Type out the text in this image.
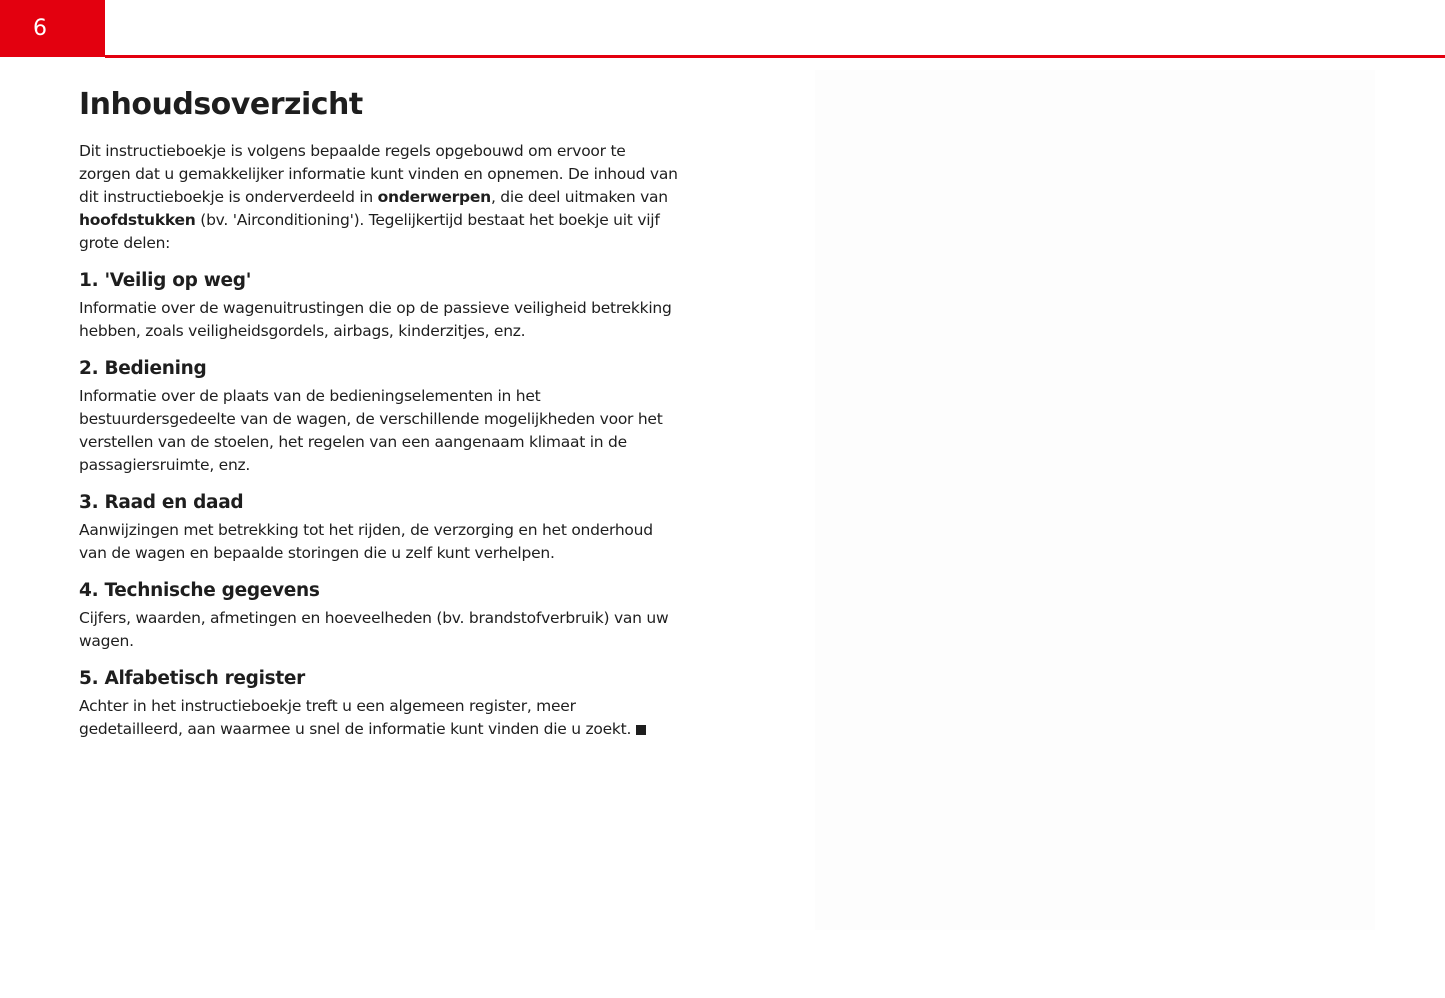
6
Inhoudsoverzicht

Dit instructieboekje is volgens bepaalde regels opgebouwd om ervoor te zorgen dat u gemakkelijker informatie kunt vinden en opnemen. De inhoud van dit instructieboekje is onderverdeeld in onderwerpen, die deel uitmaken van hoofdstukken (bv. 'Airconditioning'). Tegelijkertijd bestaat het boekje uit vijf grote delen:

1. 'Veilig op weg'

Informatie over de wagenuitrustingen die op de passieve veiligheid betrekking hebben, zoals veiligheidsgordels, airbags, kinderzitjes, enz.

2. Bediening

Informatie over de plaats van de bedieningselementen in het bestuurdersgedeelte van de wagen, de verschillende mogelijkheden voor het verstellen van de stoelen, het regelen van een aangenaam klimaat in de passagiersruimte, enz.

3. Raad en daad

Aanwijzingen met betrekking tot het rijden, de verzorging en het onderhoud van de wagen en bepaalde storingen die u zelf kunt verhelpen.

4. Technische gegevens

Cijfers, waarden, afmetingen en hoeveelheden (bv. brandstofverbruik) van uw wagen.

5. Alfabetisch register

Achter in het instructieboekje treft u een algemeen register, meer gedetailleerd, aan waarmee u snel de informatie kunt vinden die u zoekt.
